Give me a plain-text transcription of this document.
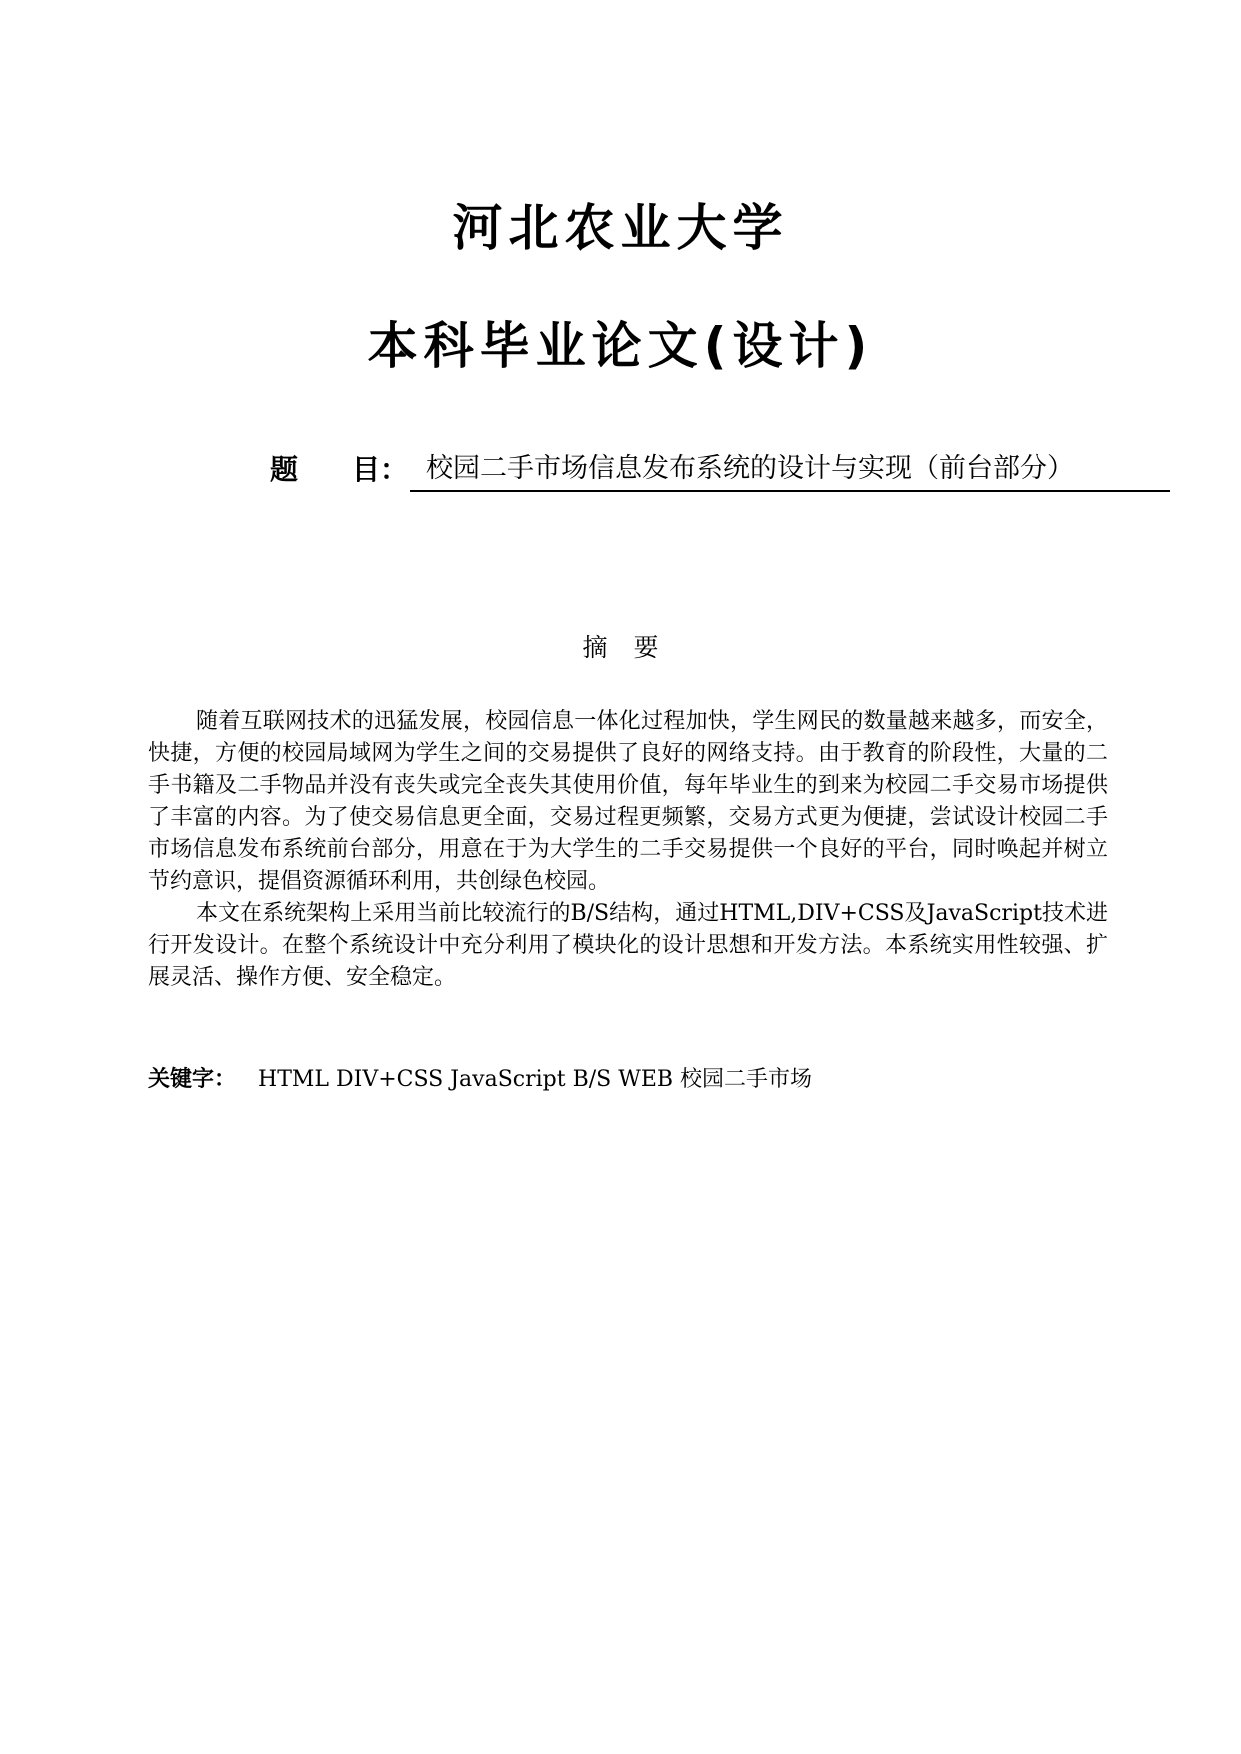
河北农业大学
本科毕业论文(设计)
题 目 ： 校园二手市场信息发布系统的设计与实现（前台部分）
摘要

随着互联网技术的迅猛发展，校园信息一体化过程加快，学生网民的数量越来越多，而安全，快捷，方便的校园局域网为学生之间的交易提供了良好的网络支持。由于教育的阶段性，大量的二手书籍及二手物品并没有丧失或完全丧失其使用价值，每年毕业生的到来为校园二手交易市场提供了丰富的内容。为了使交易信息更全面，交易过程更频繁，交易方式更为便捷，尝试设计校园二手市场信息发布系统前台部分，用意在于为大学生的二手交易提供一个良好的平台，同时唤起并树立节约意识，提倡资源循环利用，共创绿色校园。

本文在系统架构上采用当前比较流行的B/S结构，通过HTML,DIV+CSS及JavaScript技术进行开发设计。在整个系统设计中充分利用了模块化的设计思想和开发方法。本系统实用性较强、扩展灵活、操作方便、安全稳定。

关键字： HTML DIV+CSS JavaScript B/S WEB 校园二手市场
